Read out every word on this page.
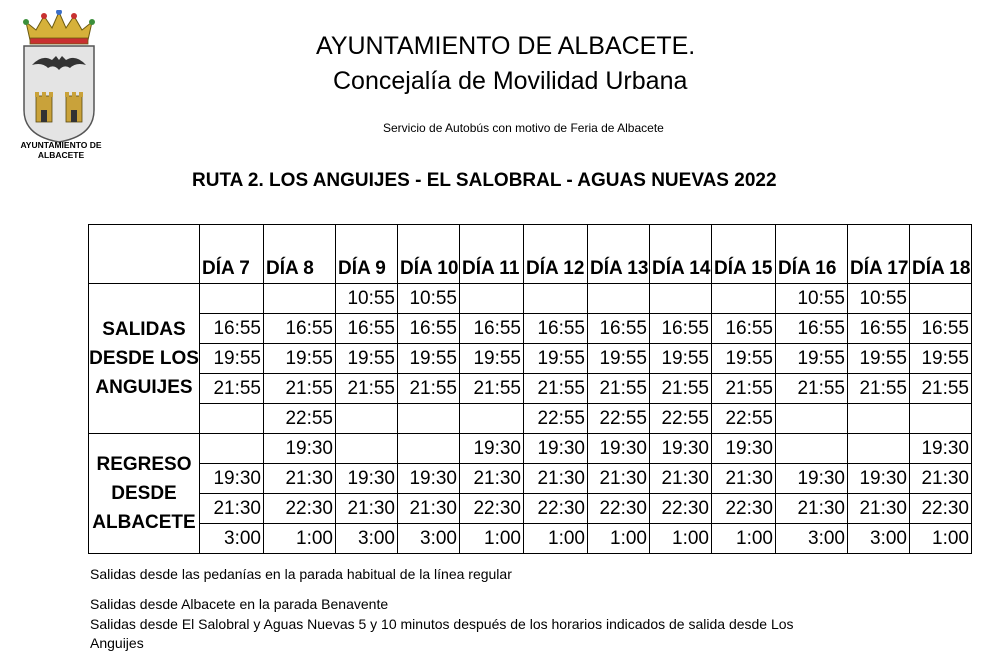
AYUNTAMIENTO DE ALBACETE
AYUNTAMIENTO DE ALBACETE.
Concejalía de Movilidad Urbana
Servicio de Autobús con motivo de Feria de Albacete
RUTA 2. LOS ANGUIJES - EL SALOBRAL - AGUAS NUEVAS 2022
	DÍA 7	DÍA 8	DÍA 9	DÍA 10	DÍA 11	DÍA 12	DÍA 13	DÍA 14	DÍA 15	DÍA 16	DÍA 17	DÍA 18
SALIDAS DESDE LOS ANGUIJES			10:55	10:55						10:55	10:55	
	16:55	16:55	16:55	16:55	16:55	16:55	16:55	16:55	16:55	16:55	16:55	16:55
	19:55	19:55	19:55	19:55	19:55	19:55	19:55	19:55	19:55	19:55	19:55	19:55
	21:55	21:55	21:55	21:55	21:55	21:55	21:55	21:55	21:55	21:55	21:55	21:55
		22:55				22:55	22:55	22:55	22:55			
REGRESO DESDE ALBACETE		19:30			19:30	19:30	19:30	19:30	19:30			19:30
	19:30	21:30	19:30	19:30	21:30	21:30	21:30	21:30	21:30	19:30	19:30	21:30
	21:30	22:30	21:30	21:30	22:30	22:30	22:30	22:30	22:30	21:30	21:30	22:30
	3:00	1:00	3:00	3:00	1:00	1:00	1:00	1:00	1:00	3:00	3:00	1:00
Salidas desde las pedanías en la parada habitual de la línea regular
Salidas desde Albacete en la parada Benavente
Salidas desde El Salobral y Aguas Nuevas 5 y 10 minutos después de los horarios indicados de salida desde Los
Anguijes
